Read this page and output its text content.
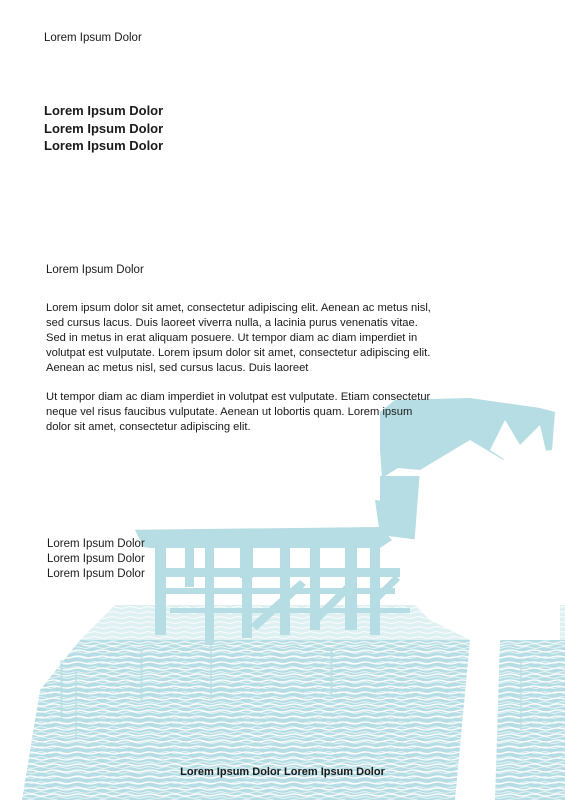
Lorem Ipsum Dolor
Lorem Ipsum Dolor
Lorem Ipsum Dolor
Lorem Ipsum Dolor
Lorem Ipsum Dolor

Lorem ipsum dolor sit amet, consectetur adipiscing elit. Aenean ac metus nisl, sed cursus lacus. Duis laoreet viverra nulla, a lacinia purus venenatis vitae. Sed in metus in erat aliquam posuere. Ut tempor diam ac diam imperdiet in volutpat est vulputate. Lorem ipsum dolor sit amet, consectetur adipiscing elit. Aenean ac metus nisl, sed cursus lacus. Duis laoreet

Ut tempor diam ac diam imperdiet in volutpat est vulputate. Etiam consectetur neque vel risus faucibus vulputate. Aenean ut lobortis quam. Lorem ipsum dolor sit amet, consectetur adipiscing elit.

Lorem Ipsum Dolor
Lorem Ipsum Dolor
Lorem Ipsum Dolor
Lorem Ipsum Dolor Lorem Ipsum Dolor
